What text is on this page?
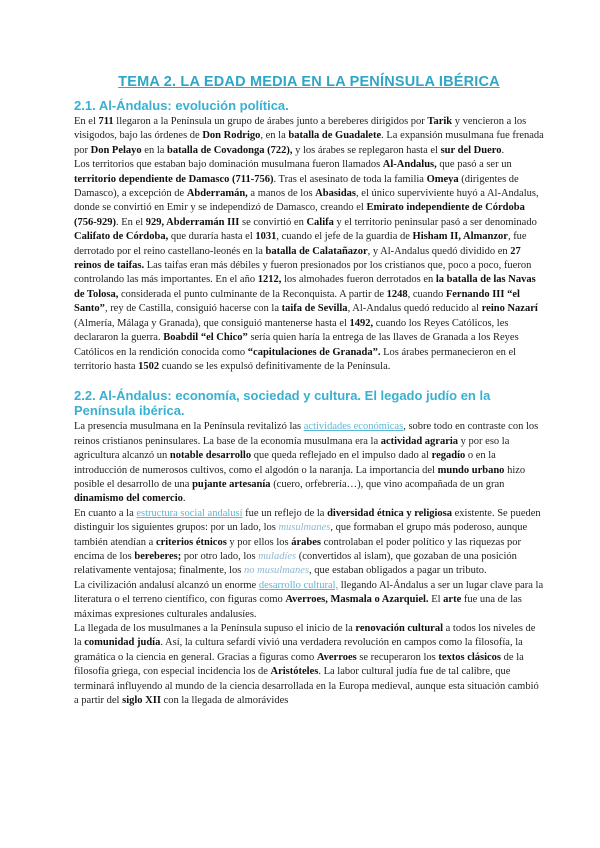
TEMA 2. LA EDAD MEDIA EN LA PENÍNSULA IBÉRICA
2.1. Al-Ándalus: evolución política.

En el 711 llegaron a la Península un grupo de árabes junto a bereberes dirigidos por Tarik y vencieron a los visigodos, bajo las órdenes de Don Rodrigo, en la batalla de Guadalete. La expansión musulmana fue frenada por Don Pelayo en la batalla de Covadonga (722), y los árabes se replegaron hasta el sur del Duero.

Los territorios que estaban bajo dominación musulmana fueron llamados Al-Andalus, que pasó a ser un territorio dependiente de Damasco (711-756). Tras el asesinato de toda la familia Omeya (dirigentes de Damasco), a excepción de Abderramán, a manos de los Abasidas, el único superviviente huyó a Al-Andalus, donde se convirtió en Emir y se independizó de Damasco, creando el Emirato independiente de Córdoba (756-929). En el 929, Abderramán III se convirtió en Califa y el territorio peninsular pasó a ser denominado Califato de Córdoba, que duraría hasta el 1031, cuando el jefe de la guardia de Hisham II, Almanzor, fue derrotado por el reino castellano-leonés en la batalla de Calatañazor, y Al-Andalus quedó dividido en 27 reinos de taifas. Las taifas eran más débiles y fueron presionados por los cristianos que, poco a poco, fueron controlando las más importantes. En el año 1212, los almohades fueron derrotados en la batalla de las Navas de Tolosa, considerada el punto culminante de la Reconquista. A partir de 1248, cuando Fernando III “el Santo”, rey de Castilla, consiguió hacerse con la taifa de Sevilla, Al-Andalus quedó reducido al reino Nazarí (Almería, Málaga y Granada), que consiguió mantenerse hasta el 1492, cuando los Reyes Católicos, les declararon la guerra. Boabdil “el Chico” sería quien haría la entrega de las llaves de Granada a los Reyes Católicos en la rendición conocida como “capitulaciones de Granada”. Los árabes permanecieron en el territorio hasta 1502 cuando se les expulsó definitivamente de la Península.

2.2. Al-Ándalus: economía, sociedad y cultura. El legado judío en la Península ibérica.

La presencia musulmana en la Península revitalizó las actividades económicas, sobre todo en contraste con los reinos cristianos peninsulares. La base de la economía musulmana era la actividad agraria y por eso la agricultura alcanzó un notable desarrollo que queda reflejado en el impulso dado al regadío o en la introducción de numerosos cultivos, como el algodón o la naranja. La importancia del mundo urbano hizo posible el desarrollo de una pujante artesanía (cuero, orfebrería…), que vino acompañada de un gran dinamismo del comercio.

En cuanto a la estructura social andalusí fue un reflejo de la diversidad étnica y religiosa existente. Se pueden distinguir los siguientes grupos: por un lado, los musulmanes, que formaban el grupo más poderoso, aunque también atendían a criterios étnicos y por ellos los árabes controlaban el poder político y las riquezas por encima de los bereberes; por otro lado, los muladíes (convertidos al islam), que gozaban de una posición relativamente ventajosa; finalmente, los no musulmanes, que estaban obligados a pagar un tributo.

La civilización andalusí alcanzó un enorme desarrollo cultural, llegando Al-Ándalus a ser un lugar clave para la literatura o el terreno científico, con figuras como Averroes, Masmala o Azarquiel. El arte fue una de las máximas expresiones culturales andalusíes.

La llegada de los musulmanes a la Península supuso el inicio de la renovación cultural a todos los niveles de la comunidad judía. Así, la cultura sefardí vivió una verdadera revolución en campos como la filosofía, la gramática o la ciencia en general. Gracias a figuras como Averroes se recuperaron los textos clásicos de la filosofía griega, con especial incidencia los de Aristóteles. La labor cultural judía fue de tal calibre, que terminará influyendo al mundo de la ciencia desarrollada en la Europa medieval, aunque esta situación cambió a partir del siglo XII con la llegada de almorávides
